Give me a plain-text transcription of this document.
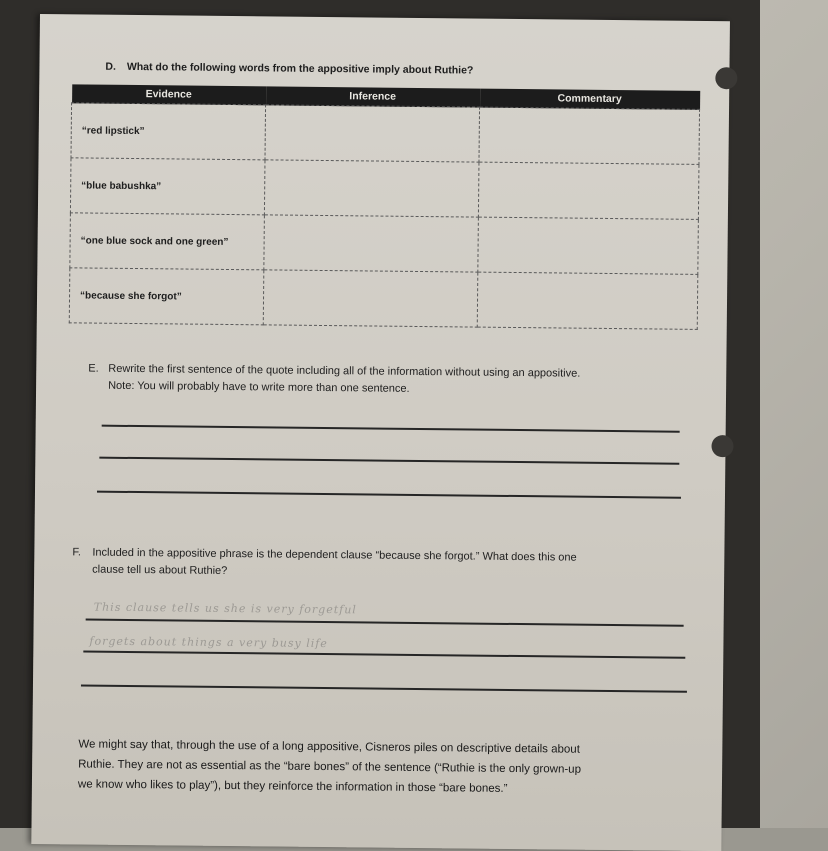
D. What do the following words from the appositive imply about Ruthie?
Evidence	Inference	Commentary
“red lipstick”		
“blue babushka”		
“one blue sock and one green”		
“because she forgot”		
E. Rewrite the first sentence of the quote including all of the information without using an appositive.
Note: You will probably have to write more than one sentence.
F. Included in the appositive phrase is the dependent clause “because she forgot.” What does this one
clause tell us about Ruthie?
This clause tells us she is very forgetful
forgets about things a very busy life
We might say that, through the use of a long appositive, Cisneros piles on descriptive details about
Ruthie. They are not as essential as the “bare bones” of the sentence (“Ruthie is the only grown-up
we know who likes to play”), but they reinforce the information in those “bare bones.”
